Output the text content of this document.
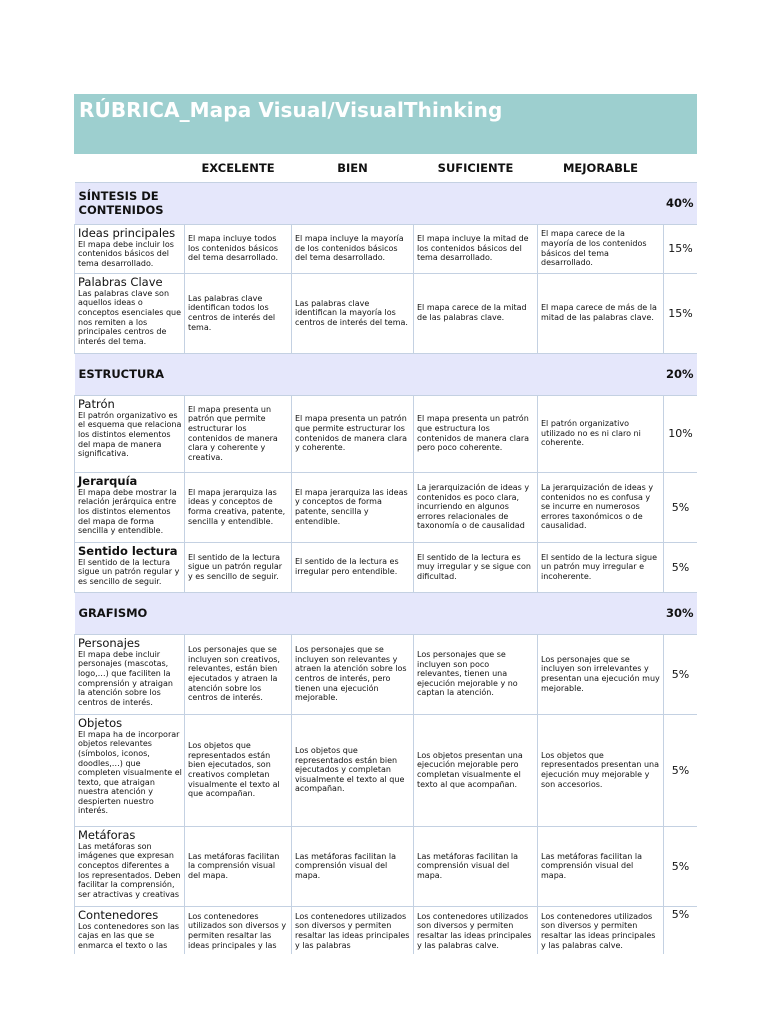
RÚBRICA_Mapa Visual/VisualThinking
	EXCELENTE	BIEN	SUFICIENTE	MEJORABLE	
SÍNTESIS DE CONTENIDOS					40%

Ideas principales
El mapa debe incluir los contenidos básicos del tema desarrollado.	El mapa incluye todos los contenidos básicos del tema desarrollado.	El mapa incluye la mayoría de los contenidos básicos del tema desarrollado.	El mapa incluye la mitad de los contenidos básicos del tema desarrollado.	El mapa carece de la mayoría de los contenidos básicos del tema desarrollado.	15%

Palabras Clave
Las palabras clave son aquellos ideas o conceptos esenciales que nos remiten a los principales centros de interés del tema.	Las palabras clave identifican todos los centros de interés del tema.	Las palabras clave identifican la mayoría los centros de interés del tema.	El mapa carece de la mitad de las palabras clave.	El mapa carece de más de la mitad de las palabras clave.	15%
ESTRUCTURA					20%

Patrón
El patrón organizativo es el esquema que relaciona los distintos elementos del mapa de manera significativa.	El mapa presenta un patrón que permite estructurar los contenidos de manera clara y coherente y creativa.	El mapa presenta un patrón que permite estructurar los contenidos de manera clara y coherente.	El mapa presenta un patrón que estructura los contenidos de manera clara pero poco coherente.	El patrón organizativo utilizado no es ni claro ni coherente.	10%

Jerarquía
El mapa debe mostrar la relación jerárquica entre los distintos elementos del mapa de forma sencilla y entendible.	El mapa jerarquiza las ideas y conceptos de forma creativa, patente, sencilla y entendible.	El mapa jerarquiza las ideas y conceptos de forma patente, sencilla y entendible.	La jerarquización de ideas y contenidos es poco clara, incurriendo en algunos errores relacionales de taxonomía o de causalidad	La jerarquización de ideas y contenidos no es confusa y se incurre en numerosos errores taxonómicos o de causalidad.	5%

Sentido lectura
El sentido de la lectura sigue un patrón regular y es sencillo de seguir.	El sentido de la lectura sigue un patrón regular y es sencillo de seguir.	El sentido de la lectura es irregular pero entendible.	El sentido de la lectura es muy irregular y se sigue con dificultad.	El sentido de la lectura sigue un patrón muy irregular e incoherente.	5%
GRAFISMO					30%

Personajes
El mapa debe incluir personajes (mascotas, logo,…) que faciliten la comprensión y atraigan la atención sobre los centros de interés.	Los personajes que se incluyen son creativos, relevantes, están bien ejecutados y atraen la atención sobre los centros de interés.	Los personajes que se incluyen son relevantes y atraen la atención sobre los centros de interés, pero tienen una ejecución mejorable.	Los personajes que se incluyen son poco relevantes, tienen una ejecución mejorable y no captan la atención.	Los personajes que se incluyen son irrelevantes y presentan una ejecución muy mejorable.	5%

Objetos
El mapa ha de incorporar objetos relevantes (símbolos, iconos, doodles,…) que completen visualmente el texto, que atraigan nuestra atención y despierten nuestro interés.	Los objetos que representados están bien ejecutados, son creativos completan visualmente el texto al que acompañan.	Los objetos que representados están bien ejecutados y completan visualmente el texto al que acompañan.	Los objetos presentan una ejecución mejorable pero completan visualmente el texto al que acompañan.	Los objetos que representados presentan una ejecución muy mejorable y son accesorios.	5%

Metáforas
Las metáforas son imágenes que expresan conceptos diferentes a los representados. Deben facilitar la comprensión, ser atractivas y creativas	Las metáforas facilitan la comprensión visual del mapa.	Las metáforas facilitan la comprensión visual del mapa.	Las metáforas facilitan la comprensión visual del mapa.	Las metáforas facilitan la comprensión visual del mapa.	5%

Contenedores
Los contenedores son las cajas en las que se enmarca el texto o las	Los contenedores utilizados son diversos y permiten resaltar las ideas principales y las	Los contenedores utilizados son diversos y permiten resaltar las ideas principales y las palabras	Los contenedores utilizados son diversos y permiten resaltar las ideas principales y las palabras calve.	Los contenedores utilizados son diversos y permiten resaltar las ideas principales y las palabras calve.	5%
